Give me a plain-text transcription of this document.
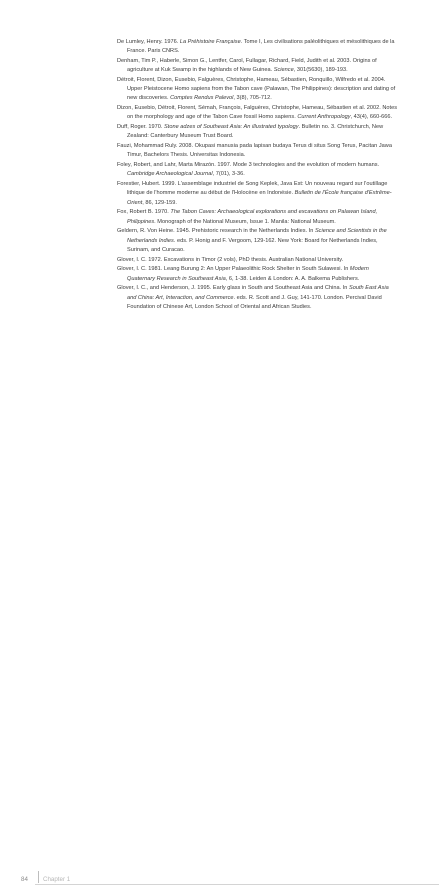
De Lumley, Henry. 1976. La Préhistoire Française. Tome I, Les civilisations paléolithiques et mésolithiques de la France. Paris CNRS.

Denham, Tim P., Haberle, Simon G., Lentfer, Carol, Fullagar, Richard, Field, Judith et al. 2003. Origins of agriculture at Kuk Swamp in the highlands of New Guinea. Science, 301(5630), 189-193.

Détroit, Florent, Dizon, Eusebio, Falguères, Christophe, Hameau, Sébastien, Ronquillo, Wilfredo et al. 2004. Upper Pleistocene Homo sapiens from the Tabon cave (Palawan, The Philippines): description and dating of new discoveries. Comptes Rendus Palevol, 3(8), 705-712.

Dizon, Eusebio, Détroit, Florent, Sémah, François, Falguères, Christophe, Hameau, Sébastien et al. 2002. Notes on the morphology and age of the Tabon Cave fossil Homo sapiens. Current Anthropology, 43(4), 660-666.

Duff, Roger. 1970. Stone adzes of Southeast Asia: An illustrated typology. Bulletin no. 3. Christchurch, New Zealand: Canterbury Museum Trust Board.

Fauzi, Mohammad Ruly. 2008. Okupasi manusia pada lapisan budaya Terus di situs Song Terus, Pacitan Jawa Timur, Bachelors Thesis. Universitas Indonesia.

Foley, Robert, and Lahr, Marta Mirazón. 1997. Mode 3 technologies and the evolution of modern humans. Cambridge Archaeological Journal, 7(01), 3-36.

Forestier, Hubert. 1999. L'assemblage industriel de Song Keplek, Java Est: Un nouveau regard sur l'outillage lithique de l'homme moderne au début de l'Holocène en Indonésie. Bulletin de l'École française d'Extrême-Orient, 86, 129-159.

Fox, Robert B. 1970. The Tabon Caves: Archaeological explorations and excavations on Palawan Island, Philippines. Monograph of the National Museum, Issue 1. Manila: National Museum.

Geldern, R. Von Heine. 1945. Prehistoric research in the Netherlands Indies. In Science and Scientists in the Netherlands Indies. eds. P. Honig and F. Vergoom, 129-162. New York: Board for Netherlands Indies, Surinam, and Curacao.

Glover, I. C. 1972. Excavations in Timor (2 vols), PhD thesis. Australian National University.

Glover, I. C. 1981. Leang Burung 2: An Upper Palaeolithic Rock Shelter in South Sulawesi. In Modern Quaternary Research in Southeast Asia, 6, 1-38. Leiden & London: A. A. Balkema Publishers.

Glover, I. C., and Henderson, J. 1995. Early glass in South and Southeast Asia and China. In South East Asia and China: Art, Interaction, and Commerce. eds. R. Scott and J. Guy, 141-170. London. Percival David Foundation of Chinese Art, London School of Oriental and African Studies.

84 Chapter 1
